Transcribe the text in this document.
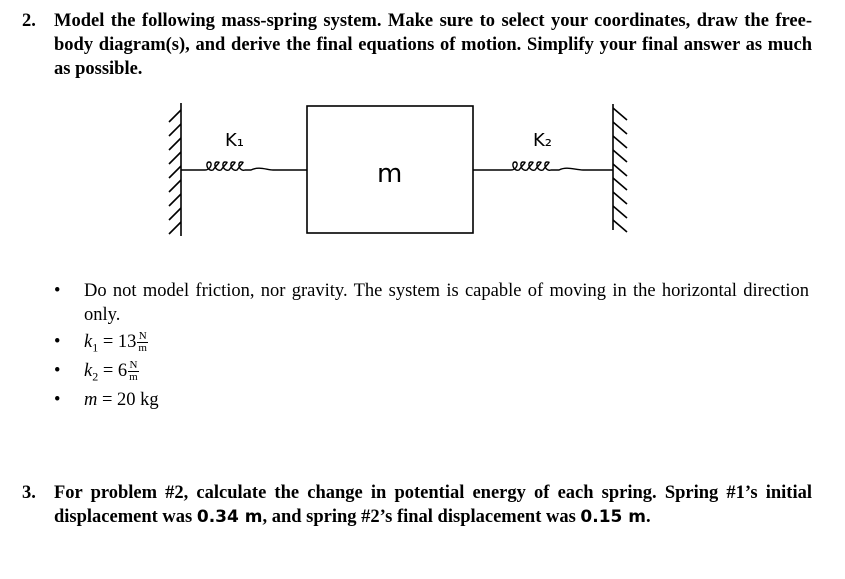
2. Model the following mass-spring system. Make sure to select your coordinates, draw the free-body diagram(s), and derive the final equations of motion. Simplify your final answer as much as possible.
K₁
m
K₂
• Do not model friction, nor gravity. The system is capable of moving in the horizontal direction only.
• $k_1 = 13 \frac{N}{m}$
• $k_2 = 6 \frac{N}{m}$
• m = 20 kg
3. For problem #2, calculate the change in potential energy of each spring. Spring #1’s initial displacement was 0.34 m, and spring #2’s final displacement was 0.15 m.
